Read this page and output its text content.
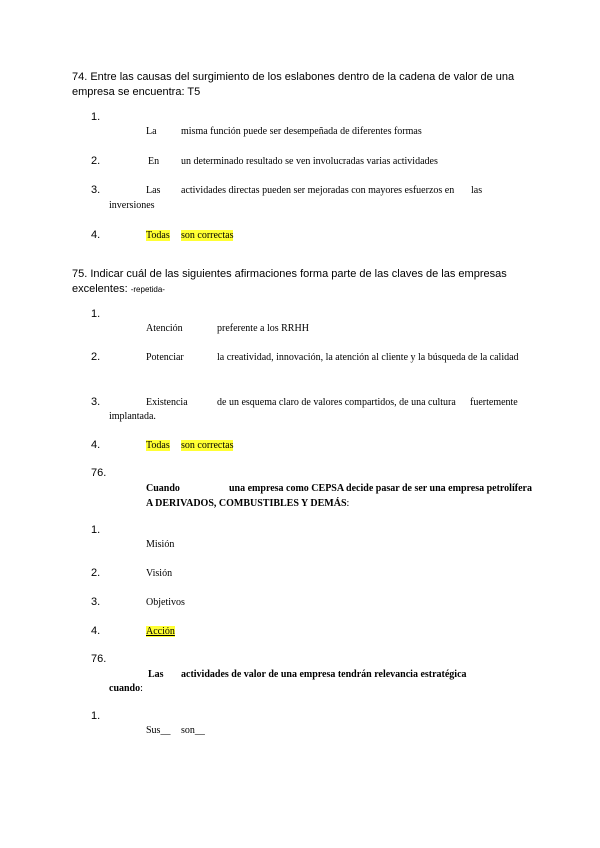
74. Entre las causas del surgimiento de los eslabones dentro de la cadena de valor de una
empresa se encuentra: T5
1.
La misma función puede ser desempeñada de diferentes formas
2.	En un determinado resultado se ven involucradas varias actividades
3.	Las actividades directas pueden ser mejoradas con mayores esfuerzos en las
inversiones
4.	Todas son correctas
75. Indicar cuál de las siguientes afirmaciones forma parte de las claves de las empresas
excelentes: -repetida-
1.
Atención	preferente a los RRHH
2.	Potenciar	la creatividad, innovación, la atención al cliente y la búsqueda de la calidad
3.	Existencia	de un esquema claro de valores compartidos, de una cultura fuertemente
implantada.
4.	Todas son correctas
76.
Cuando	una empresa como CEPSA decide pasar de ser una empresa petrolífera
A DERIVADOS, COMBUSTIBLES Y DEMÁS:
1.
Misión
2.	Visión
3.	Objetivos
4.	Acción
76.
Las actividades de valor de una empresa tendrán relevancia estratégica
cuando:
1.
Sus__ son__
